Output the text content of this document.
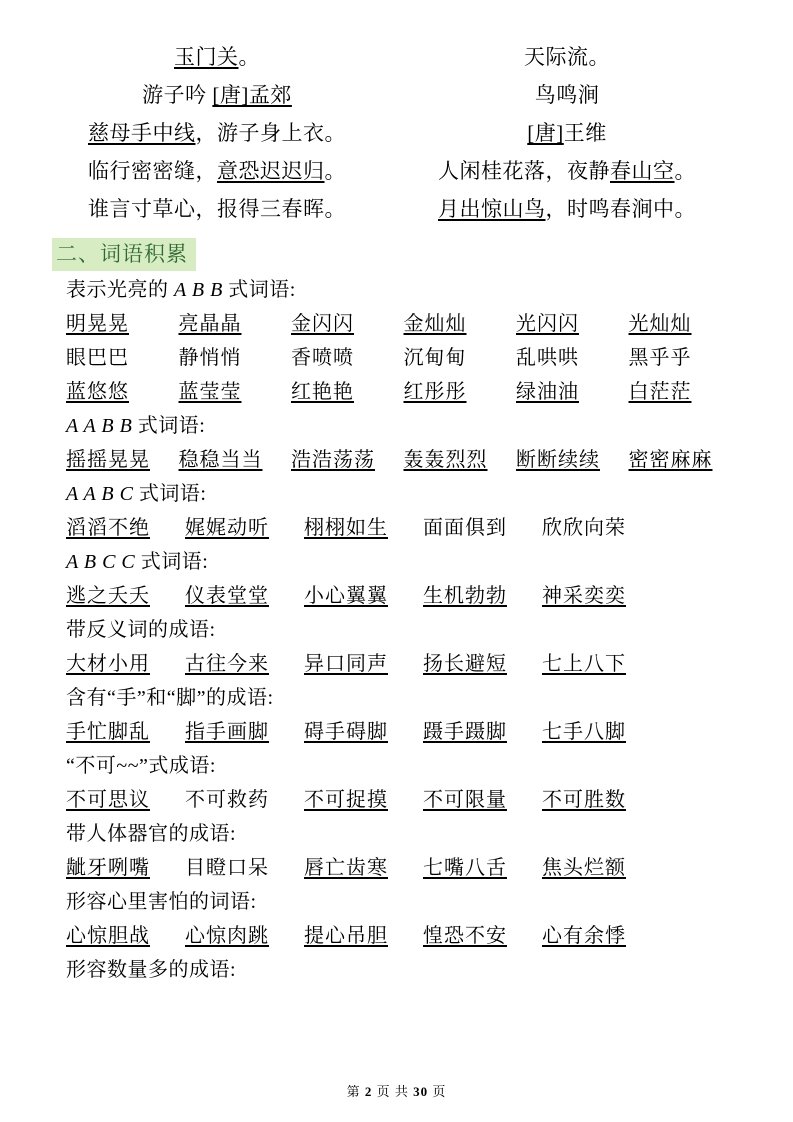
玉门关。
游子吟 [唐]孟郊
慈母手中线，游子身上衣。
临行密密缝，意恐迟迟归。
谁言寸草心，报得三春晖。
天际流。
鸟鸣涧
[唐]王维
人闲桂花落，夜静春山空。
月出惊山鸟，时鸣春涧中。
二、词语积累
表示光亮的 A B B 式词语:
明晃晃	亮晶晶	金闪闪	金灿灿	光闪闪	光灿灿
眼巴巴	静悄悄	香喷喷	沉甸甸	乱哄哄	黑乎乎
蓝悠悠	蓝莹莹	红艳艳	红彤彤	绿油油	白茫茫
A A B B 式词语:
摇摇晃晃	稳稳当当	浩浩荡荡	轰轰烈烈	断断续续	密密麻麻
A A B C 式词语:
滔滔不绝	娓娓动听	栩栩如生	面面俱到	欣欣向荣
A B C C 式词语:
逃之夭夭	仪表堂堂	小心翼翼	生机勃勃	神采奕奕
带反义词的成语:
大材小用	古往今来	异口同声	扬长避短	七上八下
含有“手”和“脚”的成语:
手忙脚乱	指手画脚	碍手碍脚	蹑手蹑脚	七手八脚
“不可~~”式成语:
不可思议	不可救药	不可捉摸	不可限量	不可胜数
带人体器官的成语:
龇牙咧嘴	目瞪口呆	唇亡齿寒	七嘴八舌	焦头烂额
形容心里害怕的词语:
心惊胆战	心惊肉跳	提心吊胆	惶恐不安	心有余悸
形容数量多的成语:
第 2 页 共 30 页
